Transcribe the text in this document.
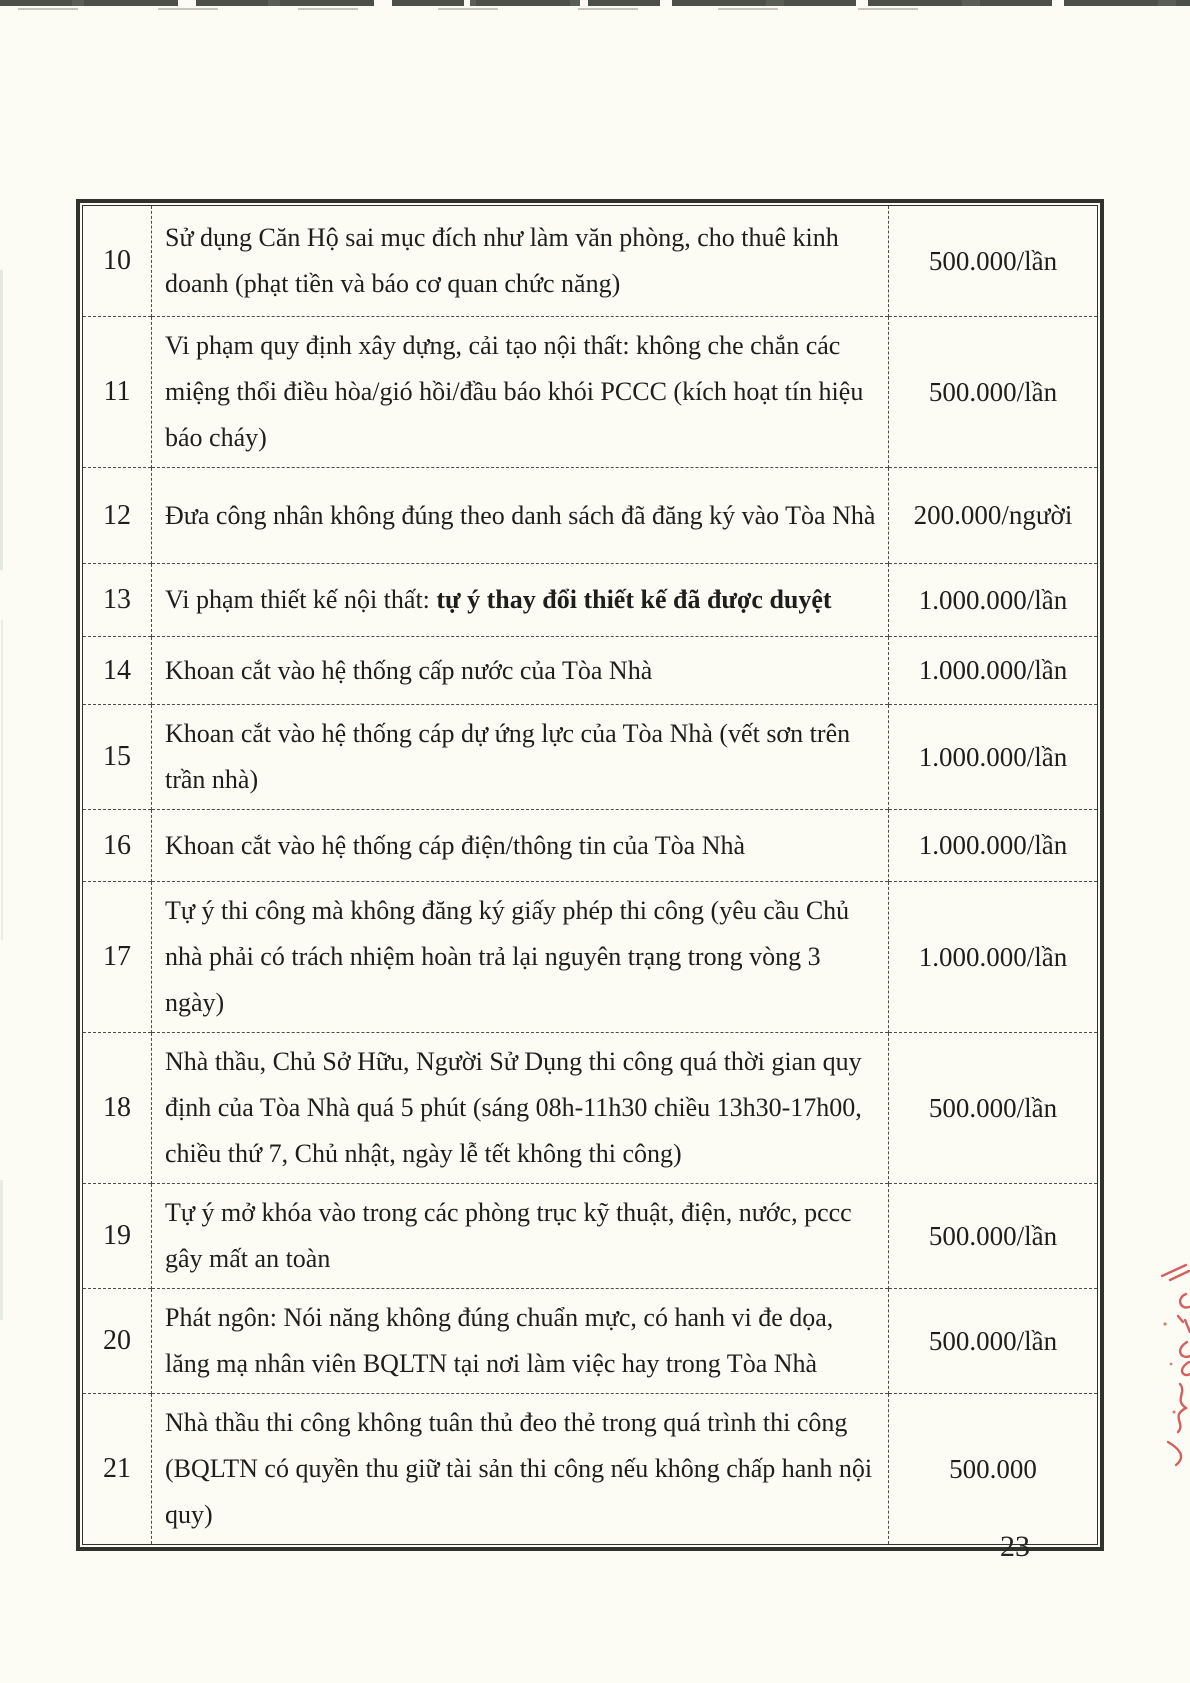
10	Sử dụng Căn Hộ sai mục đích như làm văn phòng, cho thuê kinh doanh (phạt tiền và báo cơ quan chức năng)	500.000/lần
11	Vi phạm quy định xây dựng, cải tạo nội thất: không che chắn các miệng thổi điều hòa/gió hồi/đầu báo khói PCCC (kích hoạt tín hiệu báo cháy)	500.000/lần
12	Đưa công nhân không đúng theo danh sách đã đăng ký vào Tòa Nhà	200.000/người
13	Vi phạm thiết kế nội thất: tự ý thay đổi thiết kế đã được duyệt	1.000.000/lần
14	Khoan cắt vào hệ thống cấp nước của Tòa Nhà	1.000.000/lần
15	Khoan cắt vào hệ thống cáp dự ứng lực của Tòa Nhà (vết sơn trên trần nhà)	1.000.000/lần
16	Khoan cắt vào hệ thống cáp điện/thông tin của Tòa Nhà	1.000.000/lần
17	Tự ý thi công mà không đăng ký giấy phép thi công (yêu cầu Chủ nhà phải có trách nhiệm hoàn trả lại nguyên trạng trong vòng 3 ngày)	1.000.000/lần
18	Nhà thầu, Chủ Sở Hữu, Người Sử Dụng thi công quá thời gian quy định của Tòa Nhà quá 5 phút (sáng 08h-11h30 chiều 13h30-17h00, chiều thứ 7, Chủ nhật, ngày lễ tết không thi công)	500.000/lần
19	Tự ý mở khóa vào trong các phòng trục kỹ thuật, điện, nước, pccc gây mất an toàn	500.000/lần
20	Phát ngôn: Nói năng không đúng chuẩn mực, có hanh vi đe dọa, lăng mạ nhân viên BQLTN tại nơi làm việc hay trong Tòa Nhà	500.000/lần
21	Nhà thầu thi công không tuân thủ đeo thẻ trong quá trình thi công (BQLTN có quyền thu giữ tài sản thi công nếu không chấp hanh nội quy)	500.000
23
